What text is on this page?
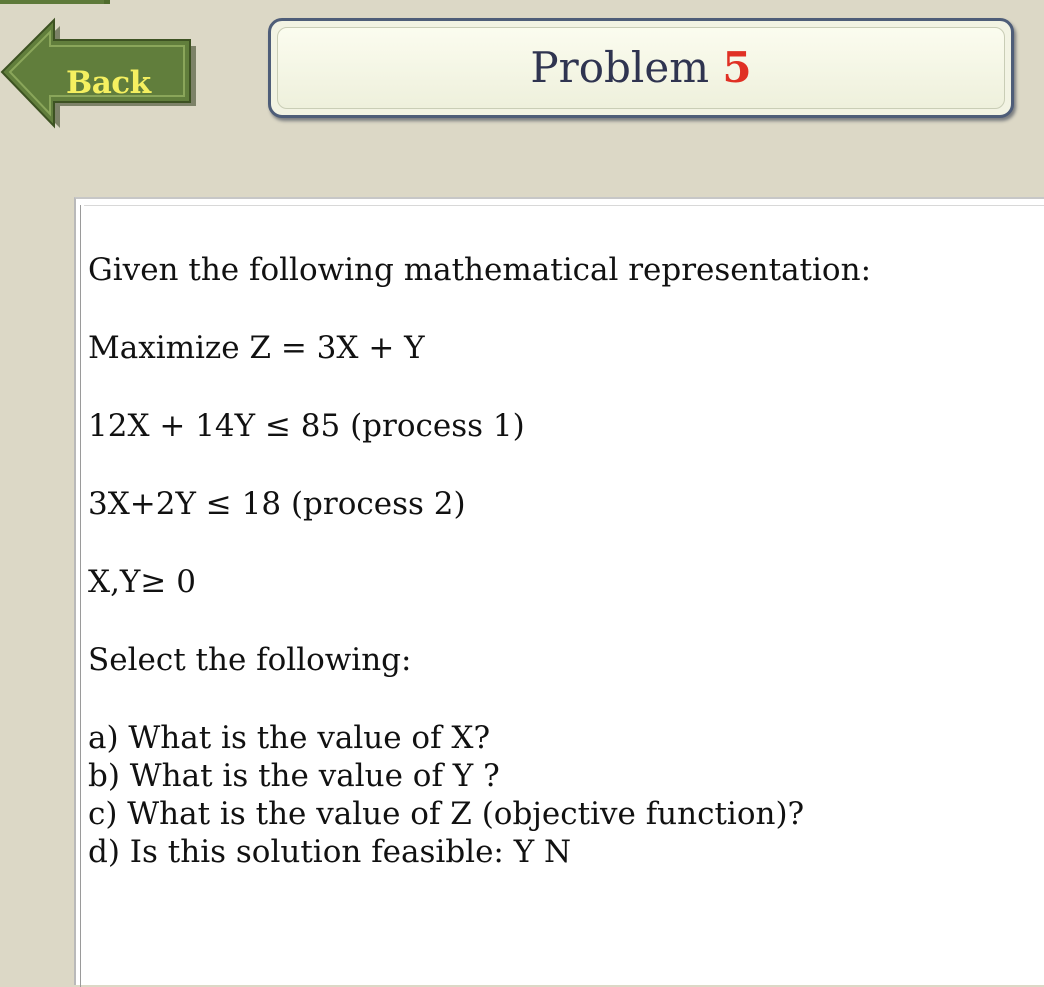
Back	Problem 5

Given the following mathematical representation:

Maximize Z = 3X + Y

12X + 14Y ≤ 85 (process 1)

3X+2Y ≤ 18 (process 2)

X,Y≥ 0

Select the following:

a) What is the value of X?

b) What is the value of Y ?

c) What is the value of Z (objective function)?

d) Is this solution feasible: Y N
